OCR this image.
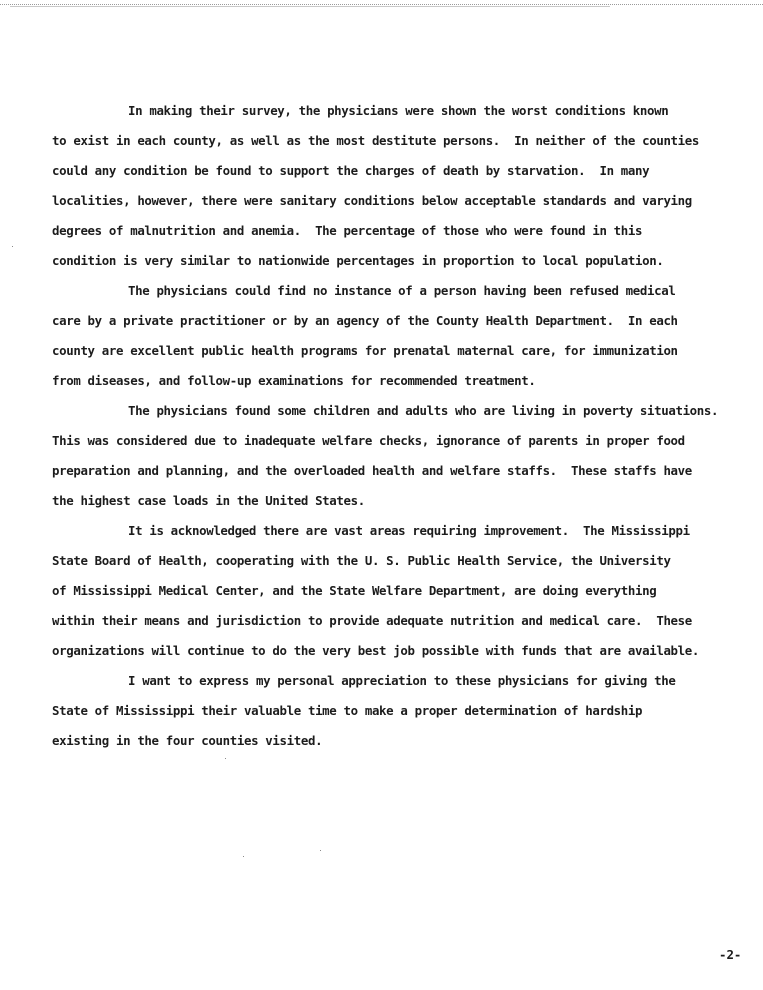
In making their survey, the physicians were shown the worst conditions known
to exist in each county, as well as the most destitute persons.  In neither of the counties
could any condition be found to support the charges of death by starvation.  In many
localities, however, there were sanitary conditions below acceptable standards and varying
degrees of malnutrition and anemia.  The percentage of those who were found in this
condition is very similar to nationwide percentages in proportion to local population.
The physicians could find no instance of a person having been refused medical
care by a private practitioner or by an agency of the County Health Department.  In each
county are excellent public health programs for prenatal maternal care, for immunization
from diseases, and follow-up examinations for recommended treatment.
The physicians found some children and adults who are living in poverty situations.
This was considered due to inadequate welfare checks, ignorance of parents in proper food
preparation and planning, and the overloaded health and welfare staffs.  These staffs have
the highest case loads in the United States.
It is acknowledged there are vast areas requiring improvement.  The Mississippi
State Board of Health, cooperating with the U. S. Public Health Service, the University
of Mississippi Medical Center, and the State Welfare Department, are doing everything
within their means and jurisdiction to provide adequate nutrition and medical care.  These
organizations will continue to do the very best job possible with funds that are available.
I want to express my personal appreciation to these physicians for giving the
State of Mississippi their valuable time to make a proper determination of hardship
existing in the four counties visited.
-2-
